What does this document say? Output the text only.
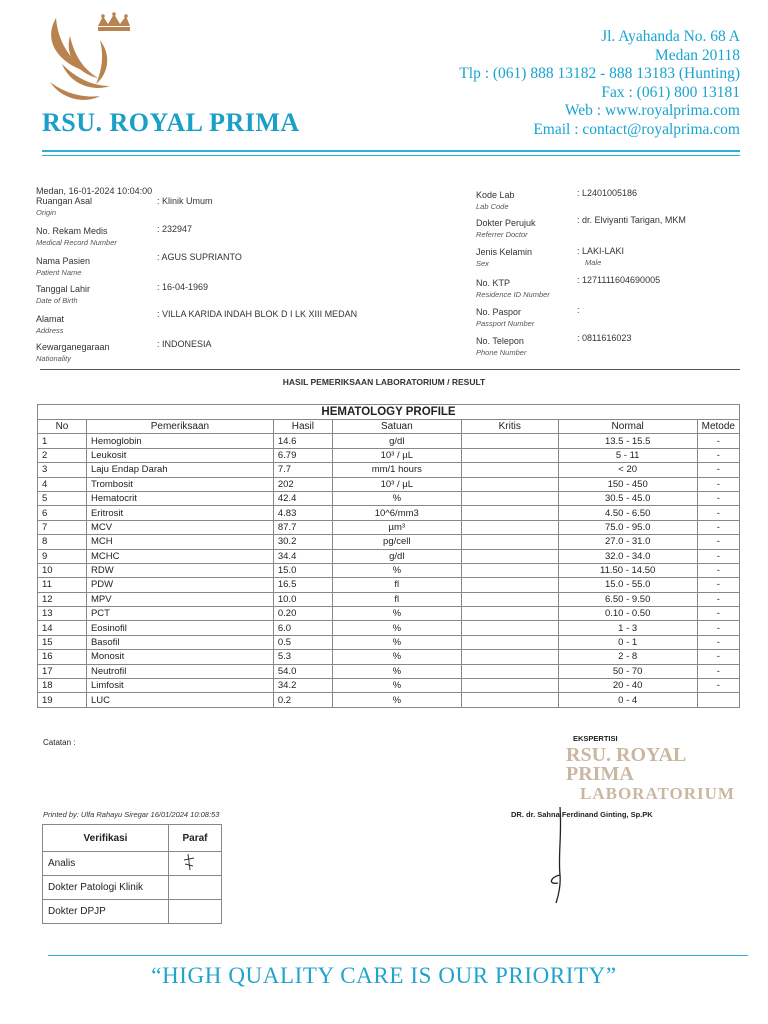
RSU. ROYAL PRIMA
Jl. Ayahanda No. 68 A
Medan 20118
Tlp : (061) 888 13182 - 888 13183 (Hunting)
Fax : (061) 800 13181
Web : www.royalprima.com
Email : contact@royalprima.com
Medan, 16-01-2024 10:04:00
Ruangan Asal
Origin
: Klinik Umum
No. Rekam Medis
Medical Record Number
: 232947
Nama Pasien
Patient Name
: AGUS SUPRIANTO
Tanggal Lahir
Date of Birth
: 16-04-1969
Alamat
Address
: VILLA KARIDA INDAH BLOK D I LK XIII MEDAN
Kewarganegaraan
Nationality
: INDONESIA
Kode Lab
Lab Code
: L2401005186
Dokter Perujuk
Referrer Doctor
: dr. Elviyanti Tarigan, MKM
Jenis Kelamin
Sex
: LAKI-LAKI
Male
No. KTP
Residence ID Number
: 1271111604690005
No. Paspor
Passport Number
:
No. Telepon
Phone Number
: 0811616023
HASIL PEMERIKSAAN LABORATORIUM / RESULT
HEMATOLOGY PROFILE						
No	Pemeriksaan	Hasil	Satuan	Kritis	Normal	Metode
1	Hemoglobin	14.6	g/dl		13.5 - 15.5	-
2	Leukosit	6.79	10³ / µL		5 - 11	-
3	Laju Endap Darah	7.7	mm/1 hours		< 20	-
4	Trombosit	202	10³ / µL		150 - 450	-
5	Hematocrit	42.4	%		30.5 - 45.0	-
6	Eritrosit	4.83	10^6/mm3		4.50 - 6.50	-
7	MCV	87.7	µm³		75.0 - 95.0	-
8	MCH	30.2	pg/cell		27.0 - 31.0	-
9	MCHC	34.4	g/dl		32.0 - 34.0	-
10	RDW	15.0	%		11.50 - 14.50	-
11	PDW	16.5	fl		15.0 - 55.0	-
12	MPV	10.0	fl		6.50 - 9.50	-
13	PCT	0.20	%		0.10 - 0.50	-
14	Eosinofil	6.0	%		1 - 3	-
15	Basofil	0.5	%		0 - 1	-
16	Monosit	5.3	%		2 - 8	-
17	Neutrofil	54.0	%		50 - 70	-
18	Limfosit	34.2	%		20 - 40	-
19	LUC	0.2	%		0 - 4	
Catatan :	EKSPERTISI
RSU. ROYAL PRIMA
LABORATORIUM
Printed by: Ulfa Rahayu Siregar 16/01/2024 10:08:53	DR. dr. Sahna Ferdinand Ginting, Sp.PK
Verifikasi	Paraf
Analis	
Dokter Patologi Klinik	
Dokter DPJP	
“HIGH QUALITY CARE IS OUR PRIORITY”
